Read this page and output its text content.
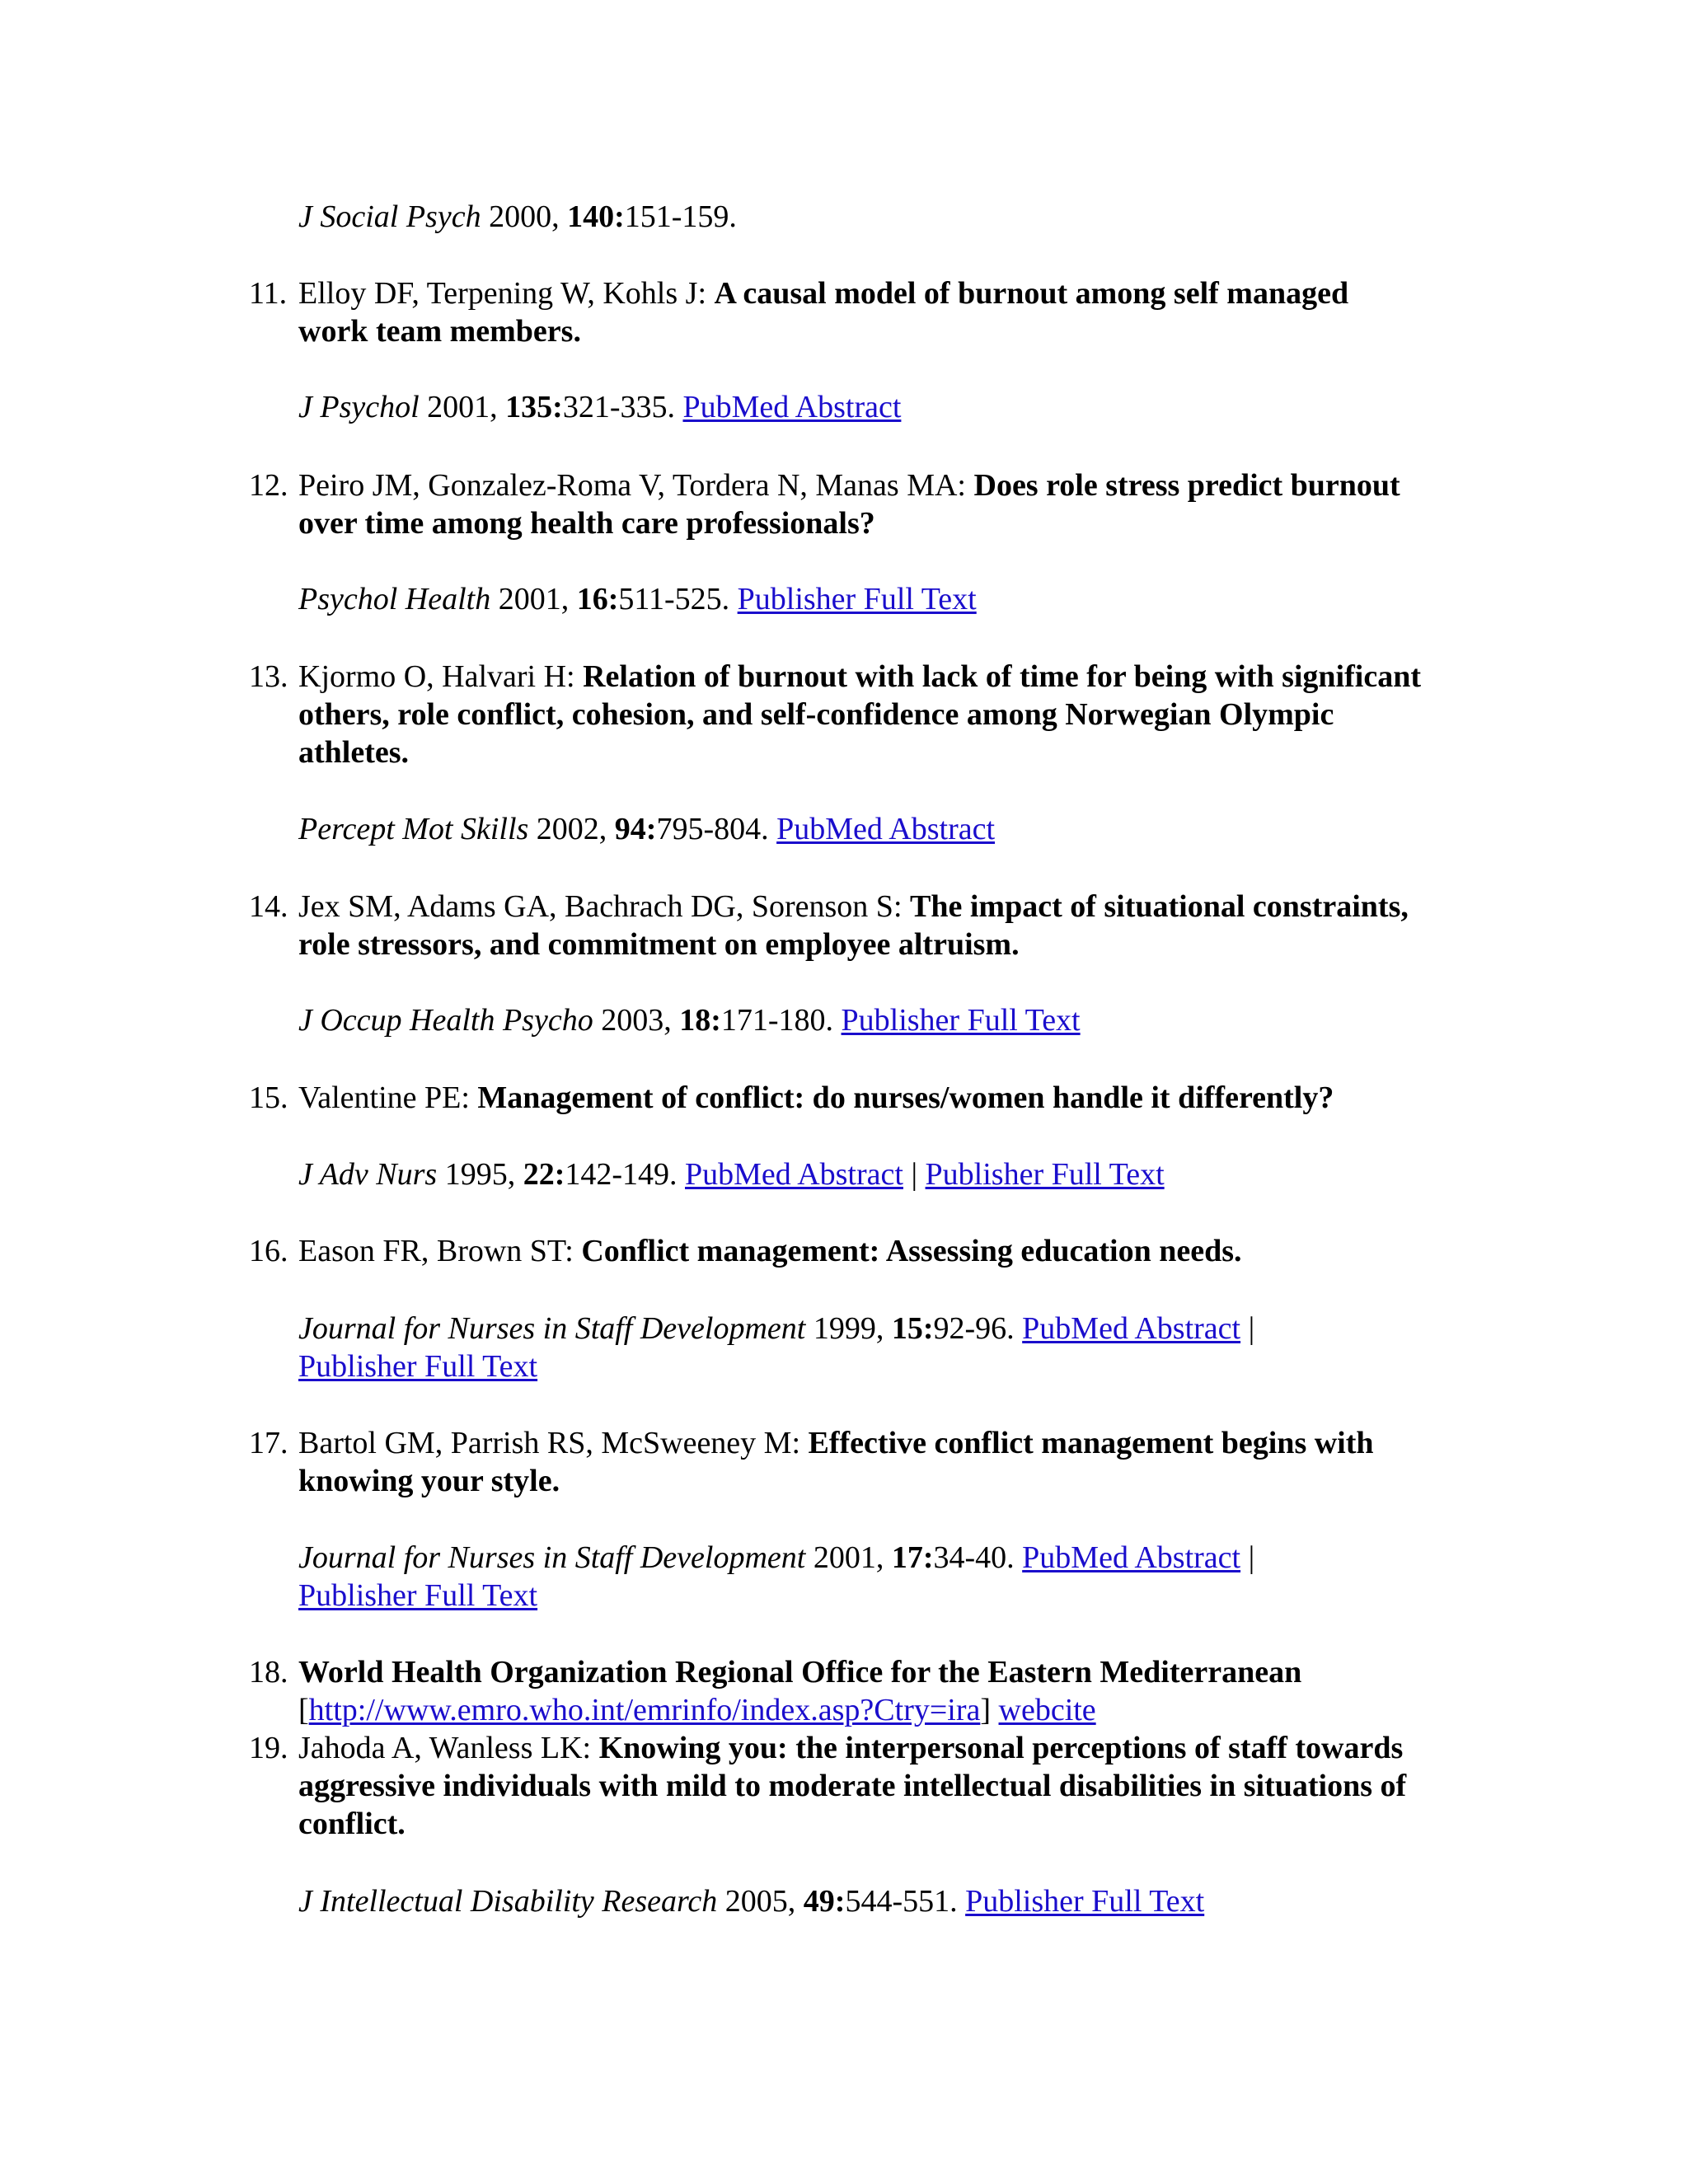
J Social Psych 2000, 140:151-159.
11. Elloy DF, Terpening W, Kohls J: A causal model of burnout among self managed
work team members.
J Psychol 2001, 135:321-335. PubMed Abstract
12. Peiro JM, Gonzalez-Roma V, Tordera N, Manas MA: Does role stress predict burnout
over time among health care professionals?
Psychol Health 2001, 16:511-525. Publisher Full Text
13. Kjormo O, Halvari H: Relation of burnout with lack of time for being with significant
others, role conflict, cohesion, and self-confidence among Norwegian Olympic
athletes.
Percept Mot Skills 2002, 94:795-804. PubMed Abstract
14. Jex SM, Adams GA, Bachrach DG, Sorenson S: The impact of situational constraints,
role stressors, and commitment on employee altruism.
J Occup Health Psycho 2003, 18:171-180. Publisher Full Text
15. Valentine PE: Management of conflict: do nurses/women handle it differently?
J Adv Nurs 1995, 22:142-149. PubMed Abstract | Publisher Full Text
16. Eason FR, Brown ST: Conflict management: Assessing education needs.
Journal for Nurses in Staff Development 1999, 15:92-96. PubMed Abstract |
Publisher Full Text
17. Bartol GM, Parrish RS, McSweeney M: Effective conflict management begins with
knowing your style.
Journal for Nurses in Staff Development 2001, 17:34-40. PubMed Abstract |
Publisher Full Text
18. World Health Organization Regional Office for the Eastern Mediterranean
[http://www.emro.who.int/emrinfo/index.asp?Ctry=ira] webcite
19. Jahoda A, Wanless LK: Knowing you: the interpersonal perceptions of staff towards
aggressive individuals with mild to moderate intellectual disabilities in situations of
conflict.
J Intellectual Disability Research 2005, 49:544-551. Publisher Full Text
